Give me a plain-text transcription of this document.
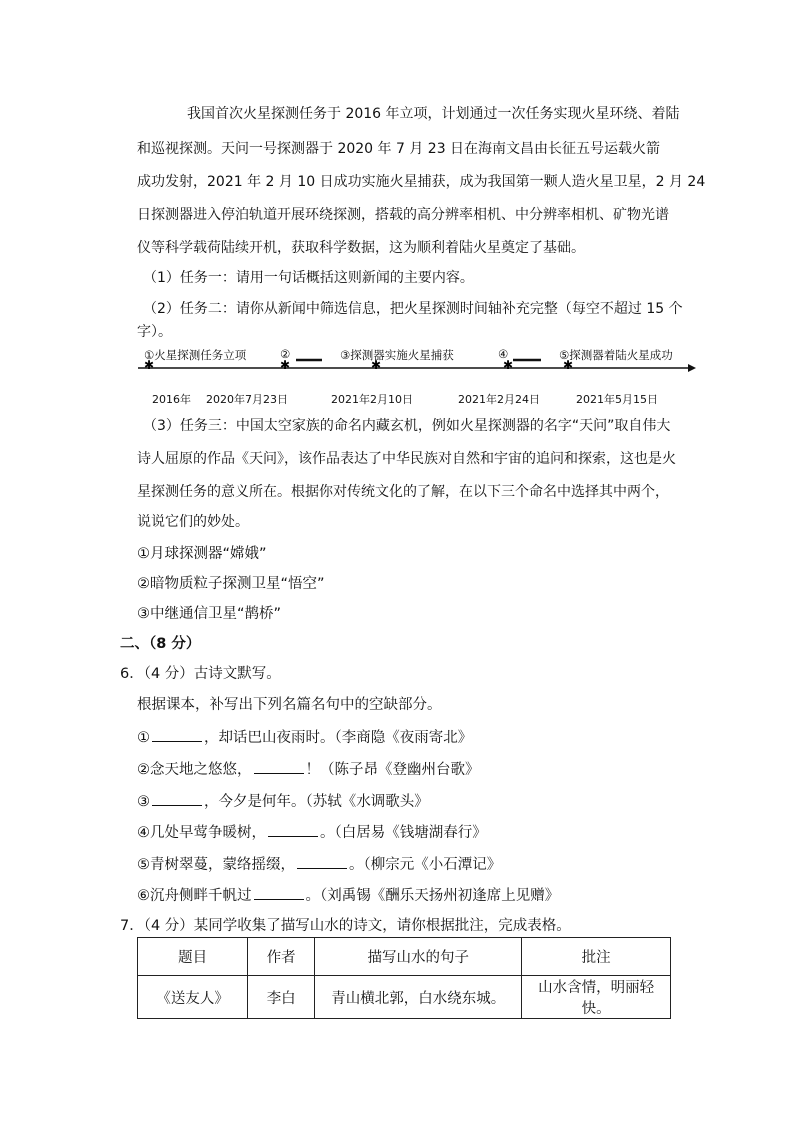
我国首次火星探测任务于 2016 年立项，计划通过一次任务实现火星环绕、着陆
和巡视探测。天问一号探测器于 2020 年 7 月 23 日在海南文昌由长征五号运载火箭
成功发射，2021 年 2 月 10 日成功实施火星捕获，成为我国第一颗人造火星卫星，2 月 24
日探测器进入停泊轨道开展环绕探测，搭载的高分辨率相机、中分辨率相机、矿物光谱
仪等科学载荷陆续开机，获取科学数据，这为顺利着陆火星奠定了基础。
（1）任务一：请用一句话概括这则新闻的主要内容。
（2）任务二：请你从新闻中筛选信息，把火星探测时间轴补充完整（每空不超过 15 个
字）。
✱	✱	✱	✱	✱
①火星探测任务立项	②	③探测器实施火星捕获	④	⑤探测器着陆火星成功
2016年 2020年7月23日	2021年2月10日	2021年2月24日	2021年5月15日
（3）任务三：中国太空家族的命名内藏玄机，例如火星探测器的名字“天问”取自伟大
诗人屈原的作品《天问》，该作品表达了中华民族对自然和宇宙的追问和探索，这也是火
星探测任务的意义所在。根据你对传统文化的了解，在以下三个命名中选择其中两个，
说说它们的妙处。
①月球探测器“嫦娥”
②暗物质粒子探测卫星“悟空”
③中继通信卫星“鹊桥”
二、（8 分）
6．（4 分）古诗文默写。
根据课本，补写出下列名篇名句中的空缺部分。
①	，却话巴山夜雨时。（李商隐《夜雨寄北》
②念天地之悠悠，	！（陈子昂《登幽州台歌》
③	，今夕是何年。（苏轼《水调歌头》
④几处早莺争暖树，	。（白居易《钱塘湖春行》
⑤青树翠蔓，蒙络摇缀，	。（柳宗元《小石潭记》
⑥沉舟侧畔千帆过	。（刘禹锡《酬乐天扬州初逢席上见赠》
7．（4 分）某同学收集了描写山水的诗文，请你根据批注，完成表格。
题目	作者	描写山水的句子	批注
《送友人》	李白	青山横北郭，白水绕东城。	山水含情，明丽轻快。
